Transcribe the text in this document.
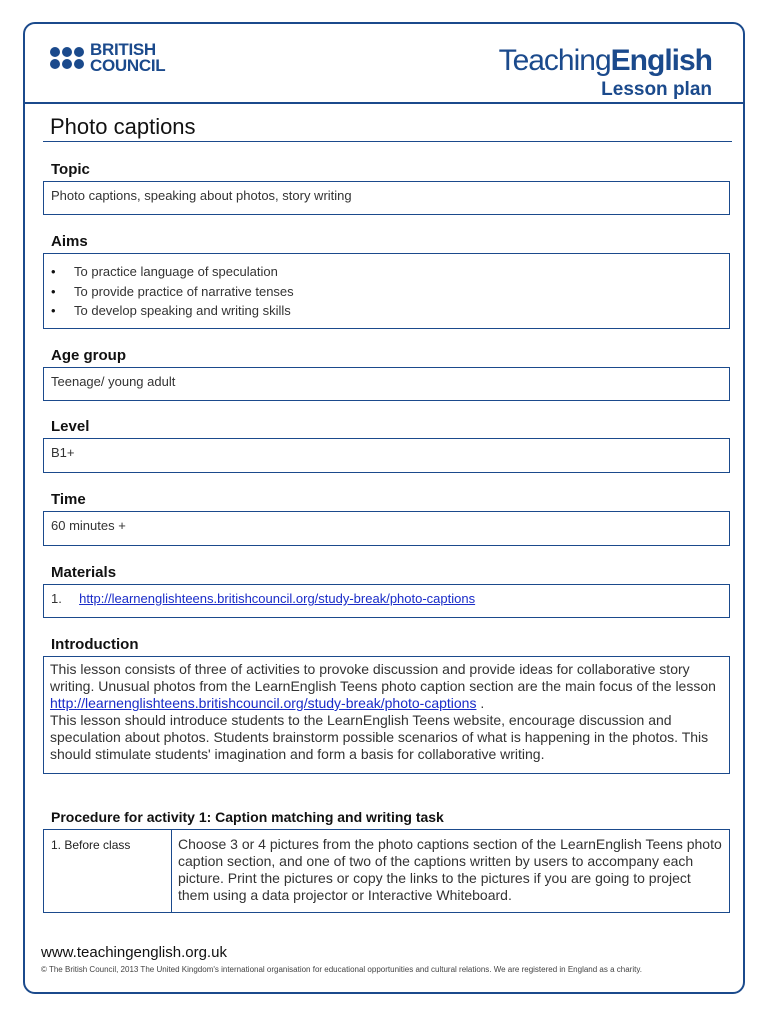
BRITISH
COUNCIL	TeachingEnglish
Lesson plan
Photo captions
Topic
Photo captions, speaking about photos, story writing
Aims
• To practice language of speculation
• To provide practice of narrative tenses
• To develop speaking and writing skills
Age group
Teenage/ young adult
Level
B1+
Time
60 minutes +
Materials
1. http://learnenglishteens.britishcouncil.org/study-break/photo-captions
Introduction
This lesson consists of three of activities to provoke discussion and provide ideas for collaborative story writing. Unusual photos from the LearnEnglish Teens photo caption section are the main focus of the lesson http://learnenglishteens.britishcouncil.org/study-break/photo-captions .
This lesson should introduce students to the LearnEnglish Teens website, encourage discussion and speculation about photos. Students brainstorm possible scenarios of what is happening in the photos. This should stimulate students' imagination and form a basis for collaborative writing.
Procedure for activity 1: Caption matching and writing task
1. Before class	Choose 3 or 4 pictures from the photo captions section of the LearnEnglish Teens photo caption section, and one of two of the captions written by users to accompany each picture. Print the pictures or copy the links to the pictures if you are going to project them using a data projector or Interactive Whiteboard.
www.teachingenglish.org.uk
© The British Council, 2013 The United Kingdom's international organisation for educational opportunities and cultural relations. We are registered in England as a charity.
